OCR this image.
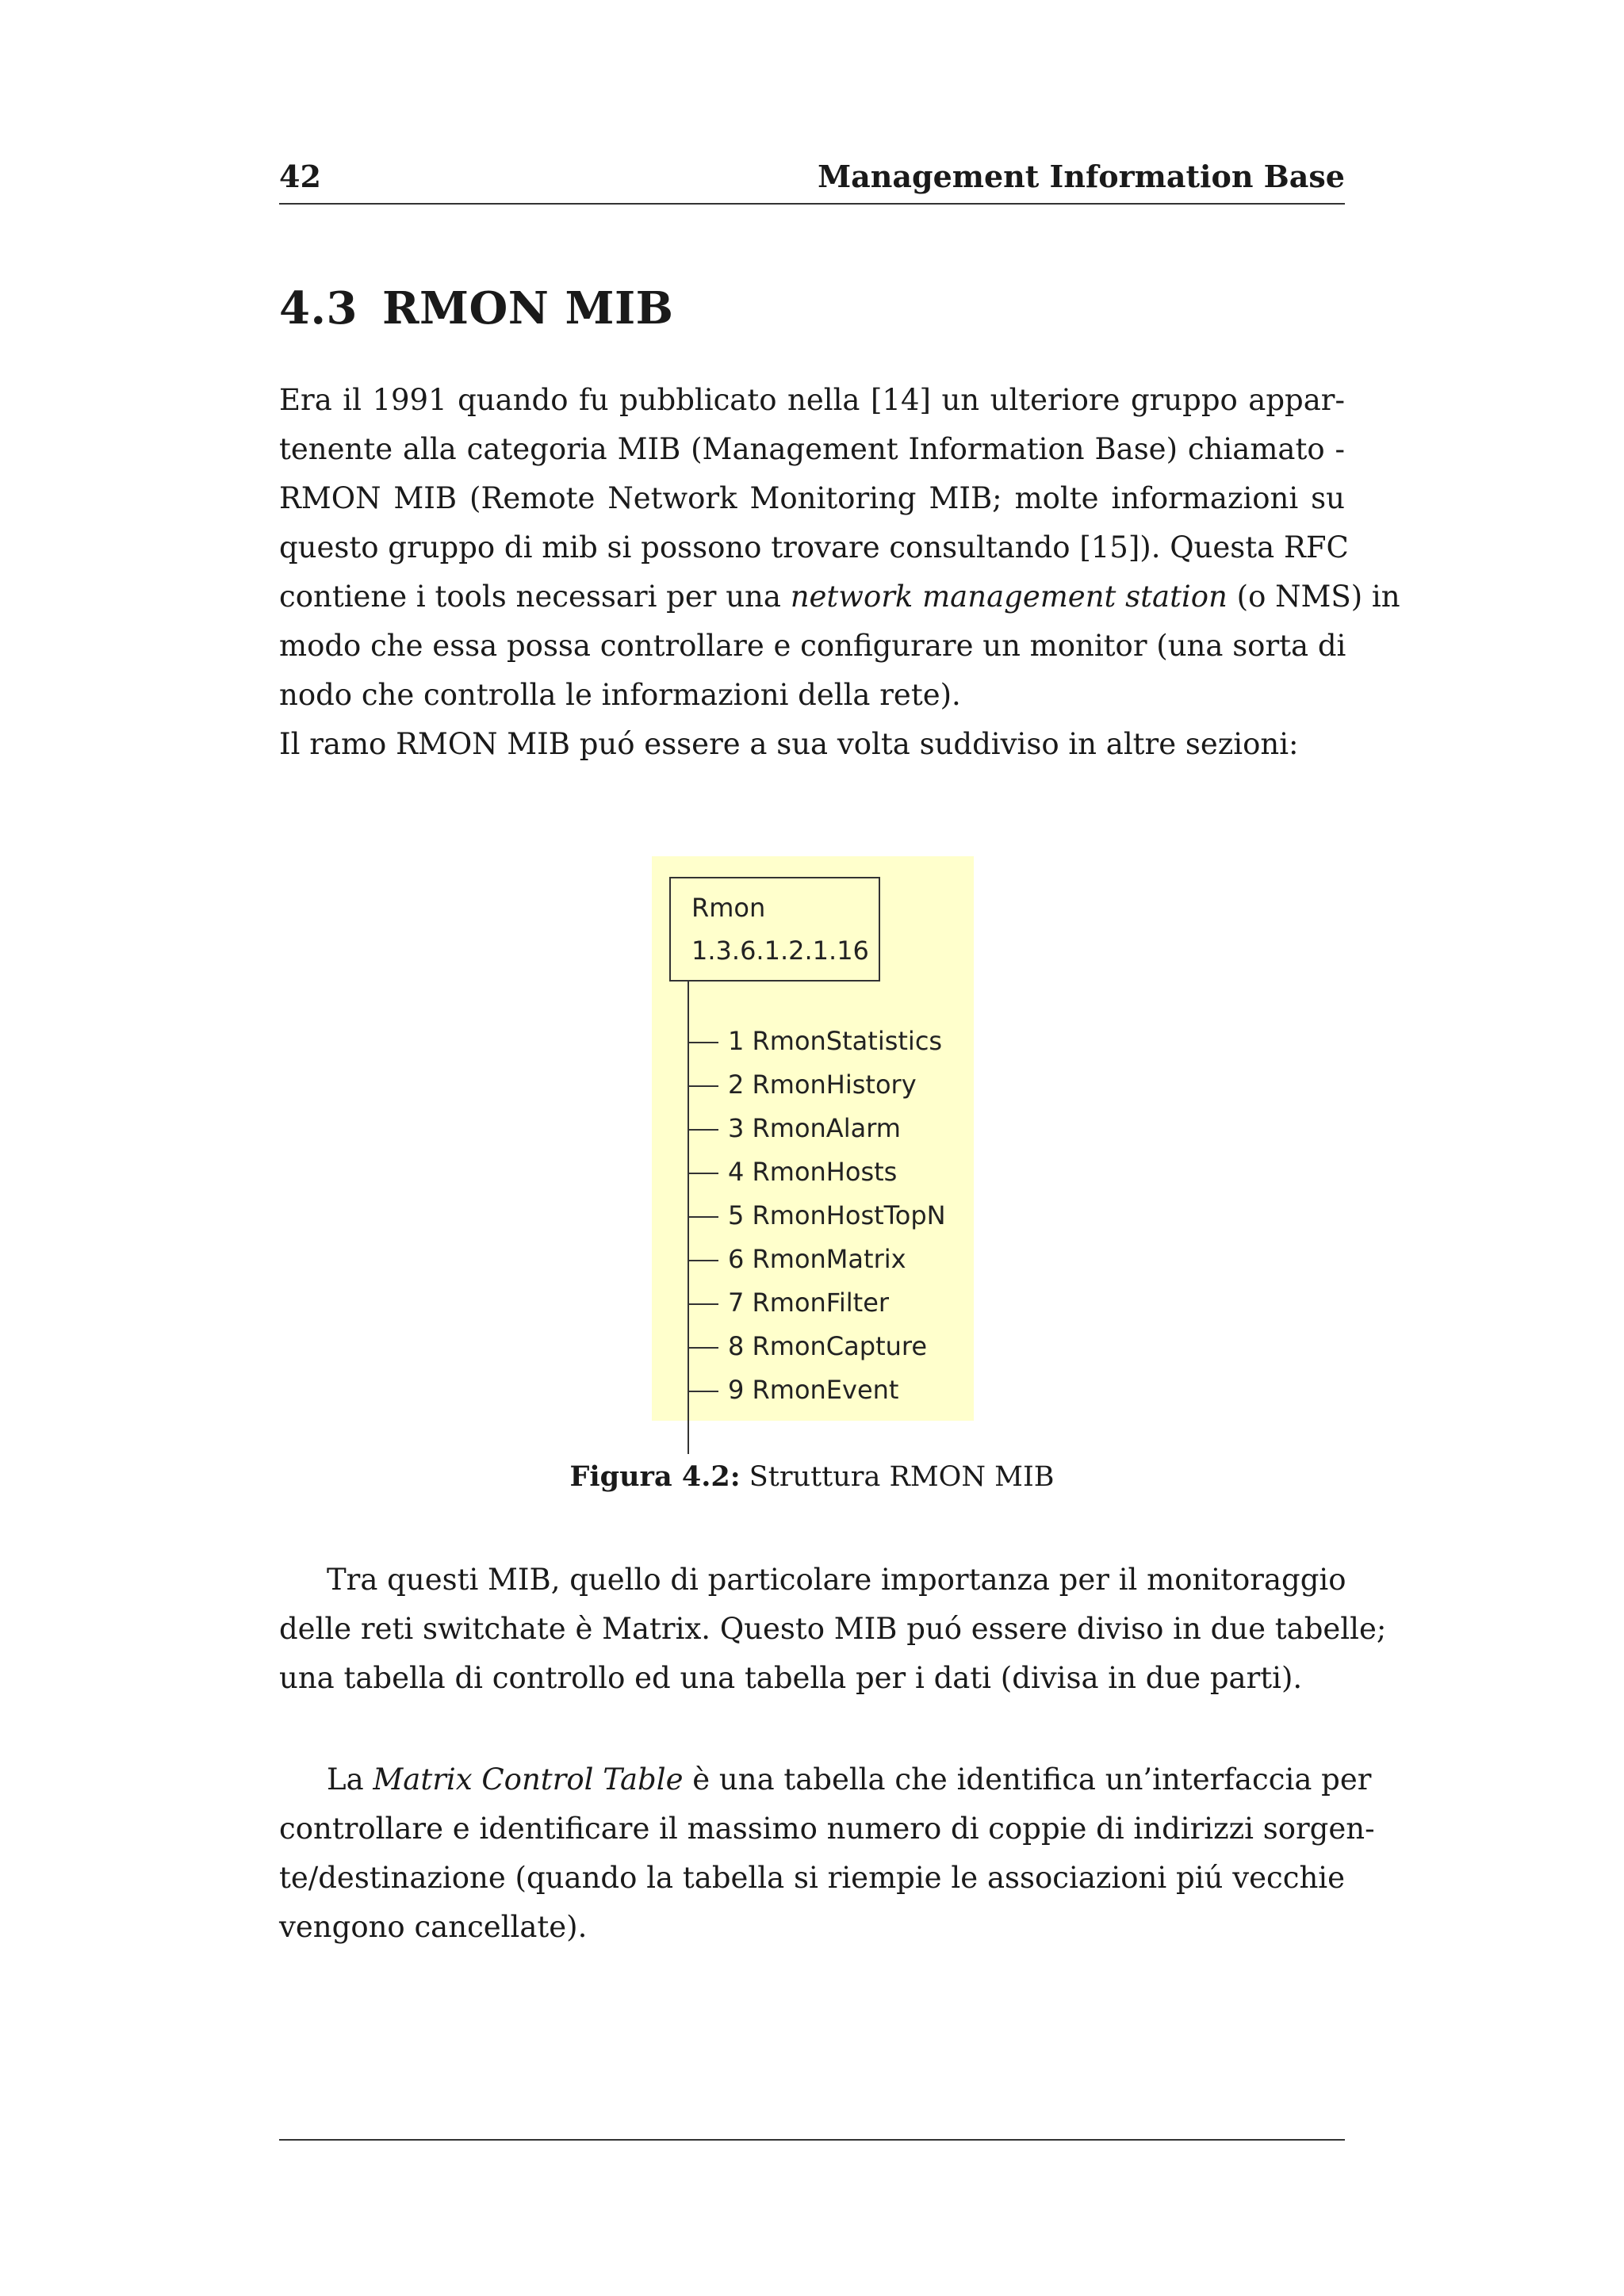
42	Management Information Base
4.3 RMON MIB
Era il 1991 quando fu pubblicato nella [14] un ulteriore gruppo appar-
tenente alla categoria MIB (Management Information Base) chiamato -
RMON MIB (Remote Network Monitoring MIB; molte informazioni su
questo gruppo di mib si possono trovare consultando [15]). Questa RFC
contiene i tools necessari per una network management station (o NMS) in
modo che essa possa controllare e configurare un monitor (una sorta di
nodo che controlla le informazioni della rete).
Il ramo RMON MIB puó essere a sua volta suddiviso in altre sezioni:
Rmon
1.3.6.1.2.1.16
1 RmonStatistics
2 RmonHistory
3 RmonAlarm
4 RmonHosts
5 RmonHostTopN
6 RmonMatrix
7 RmonFilter
8 RmonCapture
9 RmonEvent
Figura 4.2: Struttura RMON MIB
Tra questi MIB, quello di particolare importanza per il monitoraggio
delle reti switchate è Matrix. Questo MIB puó essere diviso in due tabelle;
una tabella di controllo ed una tabella per i dati (divisa in due parti).
La Matrix Control Table è una tabella che identifica un’interfaccia per
controllare e identificare il massimo numero di coppie di indirizzi sorgen-
te/destinazione (quando la tabella si riempie le associazioni piú vecchie
vengono cancellate).
